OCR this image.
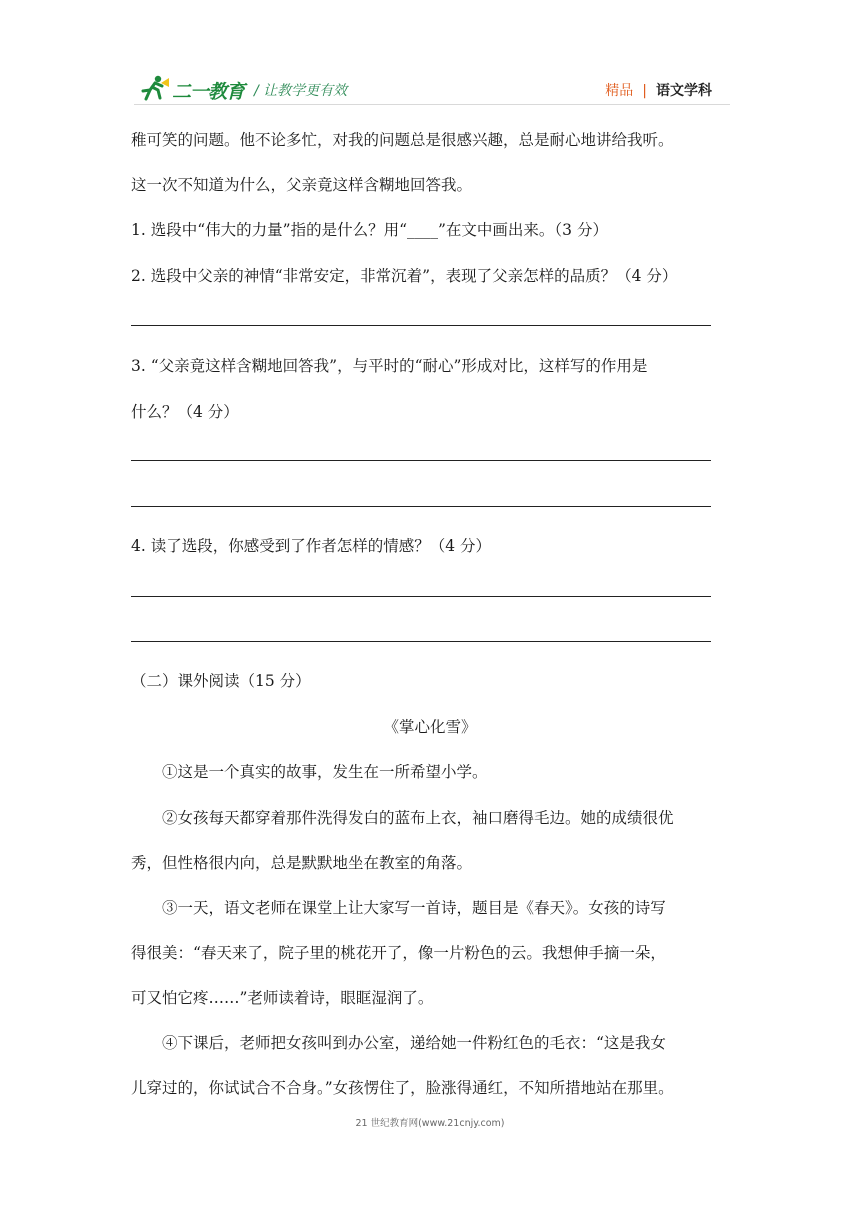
二一教育 / 让教学更有效	精品 | 语文学科
稚可笑的问题。他不论多忙，对我的问题总是很感兴趣，总是耐心地讲给我听。
这一次不知道为什么，父亲竟这样含糊地回答我。
1. 选段中“伟大的力量”指的是什么？用“____”在文中画出来。（3 分）
2. 选段中父亲的神情“非常安定，非常沉着”，表现了父亲怎样的品质？（4 分）
3. “父亲竟这样含糊地回答我”，与平时的“耐心”形成对比，这样写的作用是
什么？（4 分）
4. 读了选段，你感受到了作者怎样的情感？（4 分）
（二）课外阅读（15 分）
《掌心化雪》
①这是一个真实的故事，发生在一所希望小学。
②女孩每天都穿着那件洗得发白的蓝布上衣，袖口磨得毛边。她的成绩很优
秀，但性格很内向，总是默默地坐在教室的角落。
③一天，语文老师在课堂上让大家写一首诗，题目是《春天》。女孩的诗写
得很美：“春天来了，院子里的桃花开了，像一片粉色的云。我想伸手摘一朵，
可又怕它疼……”老师读着诗，眼眶湿润了。
④下课后，老师把女孩叫到办公室，递给她一件粉红色的毛衣：“这是我女
儿穿过的，你试试合不合身。”女孩愣住了，脸涨得通红，不知所措地站在那里。
21 世纪教育网(www.21cnjy.com)
